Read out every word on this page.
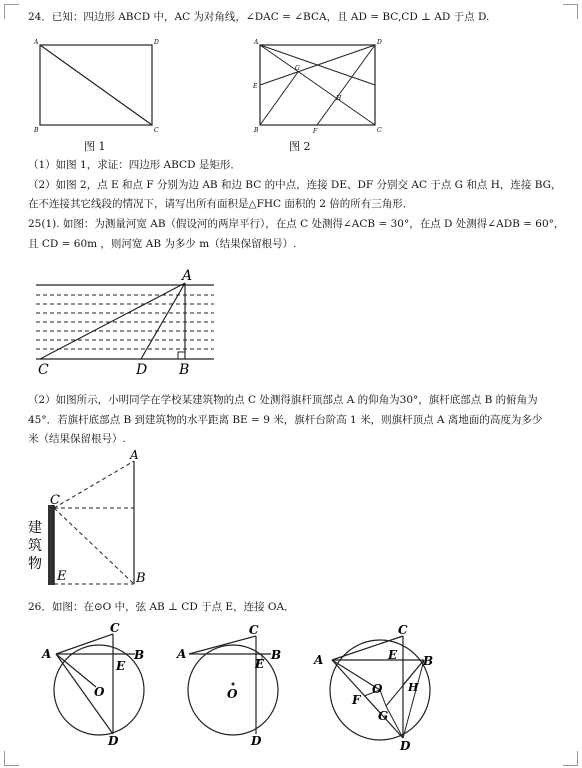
24．已知：四边形 ABCD 中，AC 为对角线，∠DAC = ∠BCA，且 AD = BC,CD ⊥ AD 于点 D.
A	D
B	C
图 1
A	D
B	C
E
F
G
H
图 2
（1）如图 1，求证：四边形 ABCD 是矩形．
（2）如图 2，点 E 和点 F 分别为边 AB 和边 BC 的中点，连接 DE、DF 分别交 AC 于点 G 和点 H，连接 BG，
在不连接其它线段的情况下，请写出所有面积是△FHC 面积的 2 倍的所有三角形．
25(1). 如图：为测量河宽 AB（假设河的两岸平行），在点 C 处测得∠ACB = 30°，在点 D 处测得∠ADB = 60°，
且 CD = 60m ，则河宽 AB 为多少 m（结果保留根号）.
A
C	D B
（2）如图所示，小明同学在学校某建筑物的点 C 处测得旗杆顶部点 A 的仰角为30°，旗杆底部点 B 的俯角为
45°．若旗杆底部点 B 到建筑物的水平距离 BE = 9 米，旗杆台阶高 1 米，则旗杆顶点 A 离地面的高度为多少
米（结果保留根号）.
A
C
B
E
建
筑
物
26．如图：在⊙O 中，弦 AB ⊥ CD 于点 E，连接 OA．
C
A	B
E
O
D
C
A	B
E
O
D
C
A	B
E
O
F
G
H
D
